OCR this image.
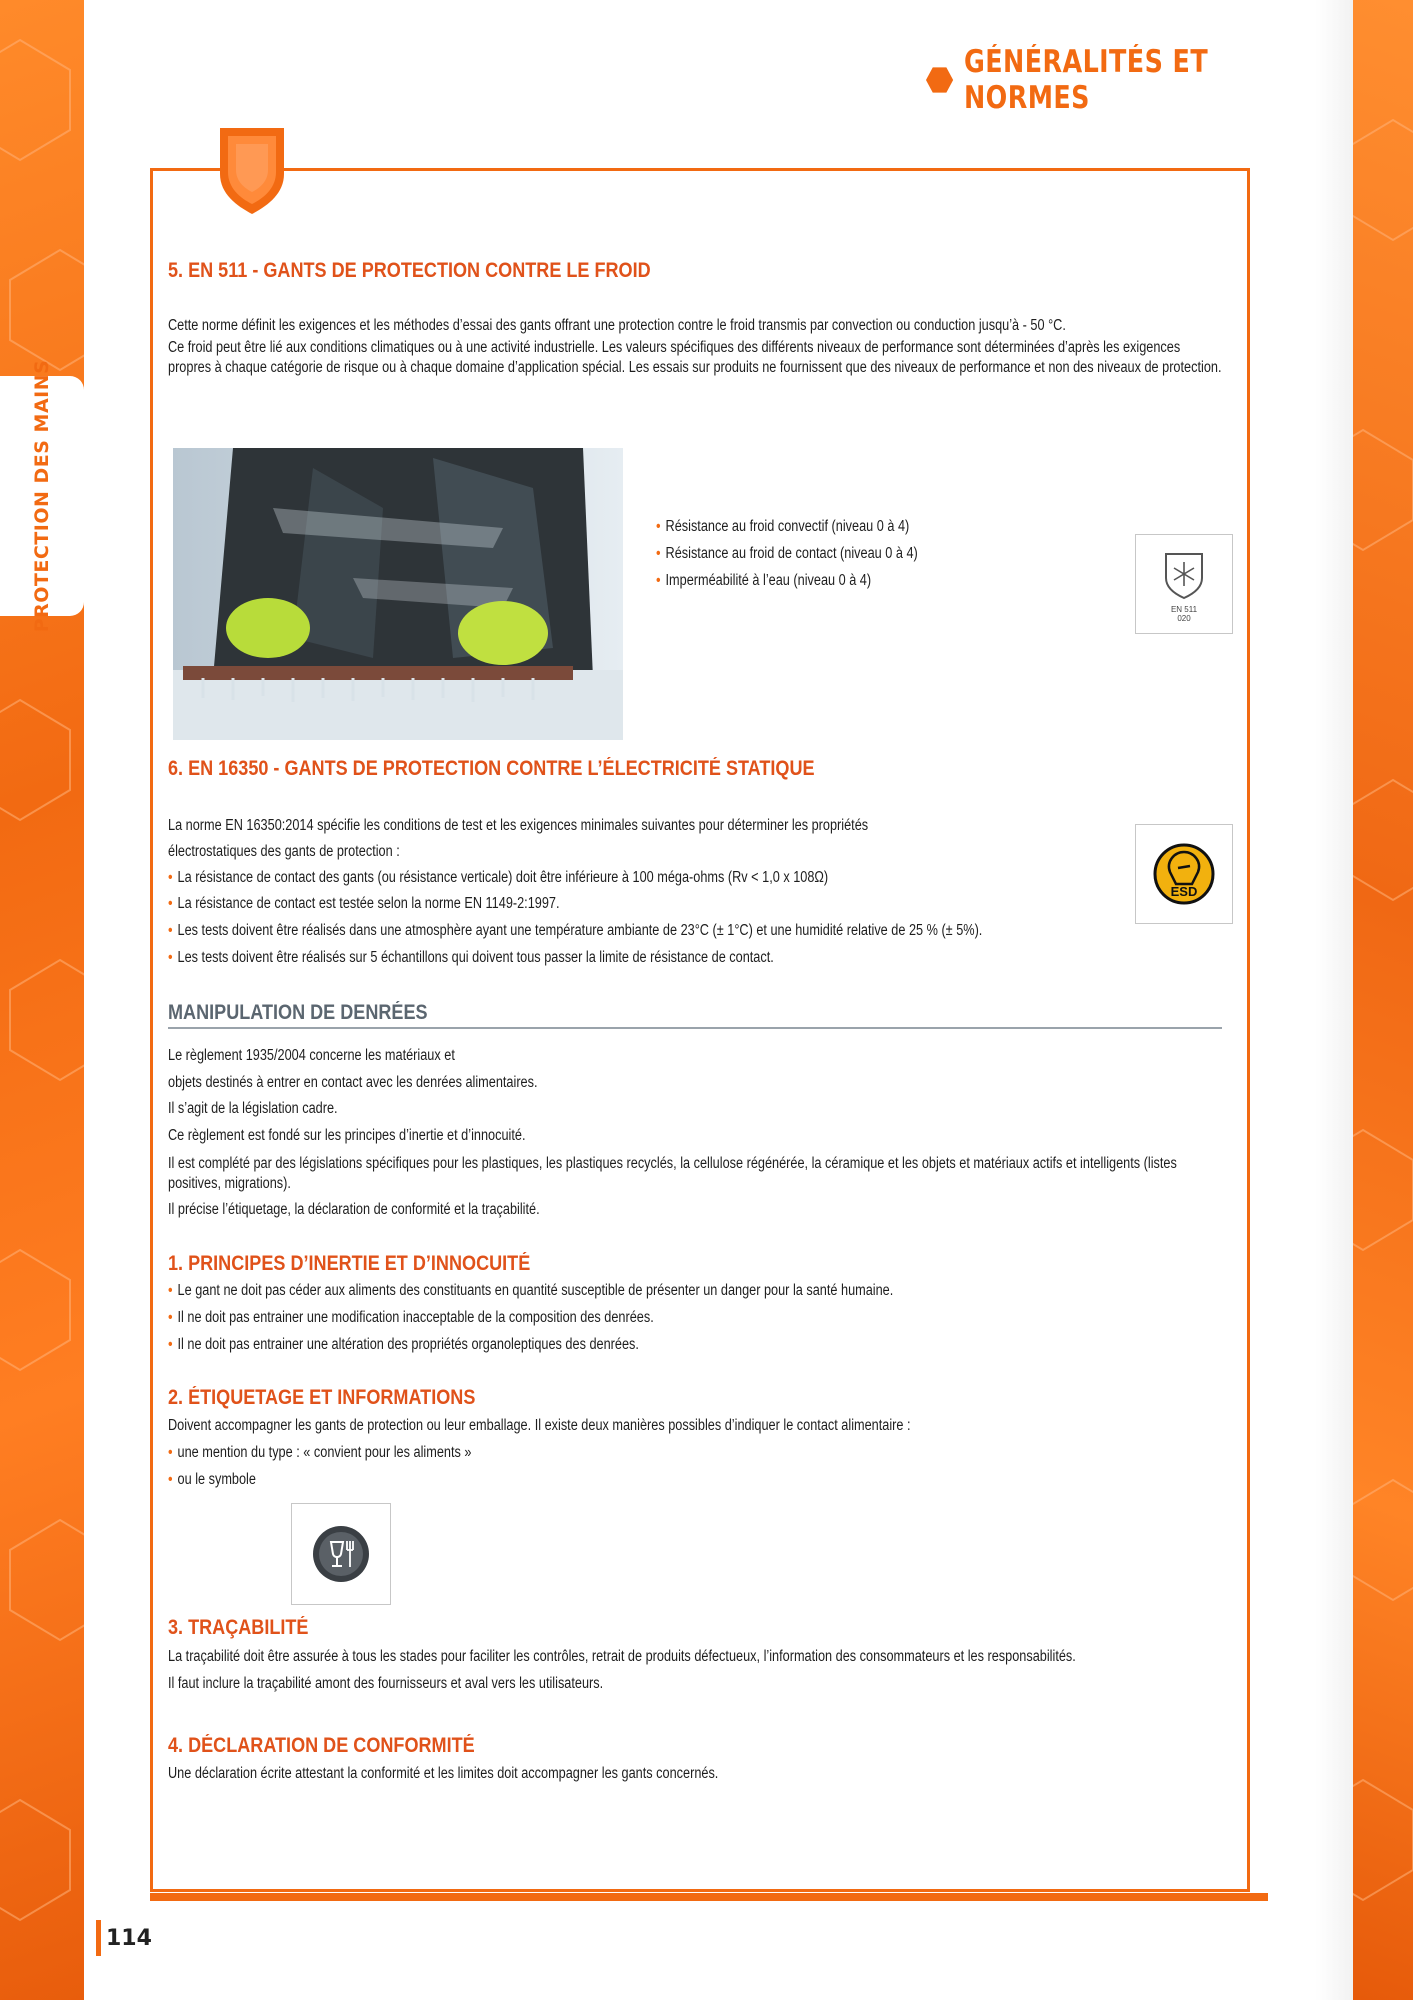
PROTECTION DES MAINS
GÉNÉRALITÉS ET NORMES
5. EN 511 - GANTS DE PROTECTION CONTRE LE FROID
Cette norme définit les exigences et les méthodes d’essai des gants offrant une protection contre le froid transmis par convection ou conduction jusqu’à - 50 °C.
Ce froid peut être lié aux conditions climatiques ou à une activité industrielle. Les valeurs spécifiques des différents niveaux de performance sont déterminées d’après les exigences propres à chaque catégorie de risque ou à chaque domaine d’application spécial. Les essais sur produits ne fournissent que des niveaux de performance et non des niveaux de protection.
• Résistance au froid convectif (niveau 0 à 4)
• Résistance au froid de contact (niveau 0 à 4)
• Imperméabilité à l’eau (niveau 0 à 4)
EN 511
020
6. EN 16350 - GANTS DE PROTECTION CONTRE L’ÉLECTRICITÉ STATIQUE
La norme EN 16350:2014 spécifie les conditions de test et les exigences minimales suivantes pour déterminer les propriétés
électrostatiques des gants de protection :
• La résistance de contact des gants (ou résistance verticale) doit être inférieure à 100 méga-ohms (Rv < 1,0 x 108Ω)
• La résistance de contact est testée selon la norme EN 1149-2:1997.
• Les tests doivent être réalisés dans une atmosphère ayant une température ambiante de 23°C (± 1°C) et une humidité relative de 25 % (± 5%).
• Les tests doivent être réalisés sur 5 échantillons qui doivent tous passer la limite de résistance de contact.
ESD
MANIPULATION DE DENRÉES
Le règlement 1935/2004 concerne les matériaux et
objets destinés à entrer en contact avec les denrées alimentaires.
Il s’agit de la législation cadre.
Ce règlement est fondé sur les principes d’inertie et d’innocuité.
Il est complété par des législations spécifiques pour les plastiques, les plastiques recyclés, la cellulose régénérée, la céramique et les objets et matériaux actifs et intelligents (listes positives, migrations).
Il précise l’étiquetage, la déclaration de conformité et la traçabilité.
1. PRINCIPES D’INERTIE ET D’INNOCUITÉ
• Le gant ne doit pas céder aux aliments des constituants en quantité susceptible de présenter un danger pour la santé humaine.
• Il ne doit pas entrainer une modification inacceptable de la composition des denrées.
• Il ne doit pas entrainer une altération des propriétés organoleptiques des denrées.
2. ÉTIQUETAGE ET INFORMATIONS
Doivent accompagner les gants de protection ou leur emballage. Il existe deux manières possibles d’indiquer le contact alimentaire :
• une mention du type : « convient pour les aliments »
• ou le symbole
3. TRAÇABILITÉ
La traçabilité doit être assurée à tous les stades pour faciliter les contrôles, retrait de produits défectueux, l’information des consommateurs et les responsabilités.
Il faut inclure la traçabilité amont des fournisseurs et aval vers les utilisateurs.
4. DÉCLARATION DE CONFORMITÉ
Une déclaration écrite attestant la conformité et les limites doit accompagner les gants concernés.
114
